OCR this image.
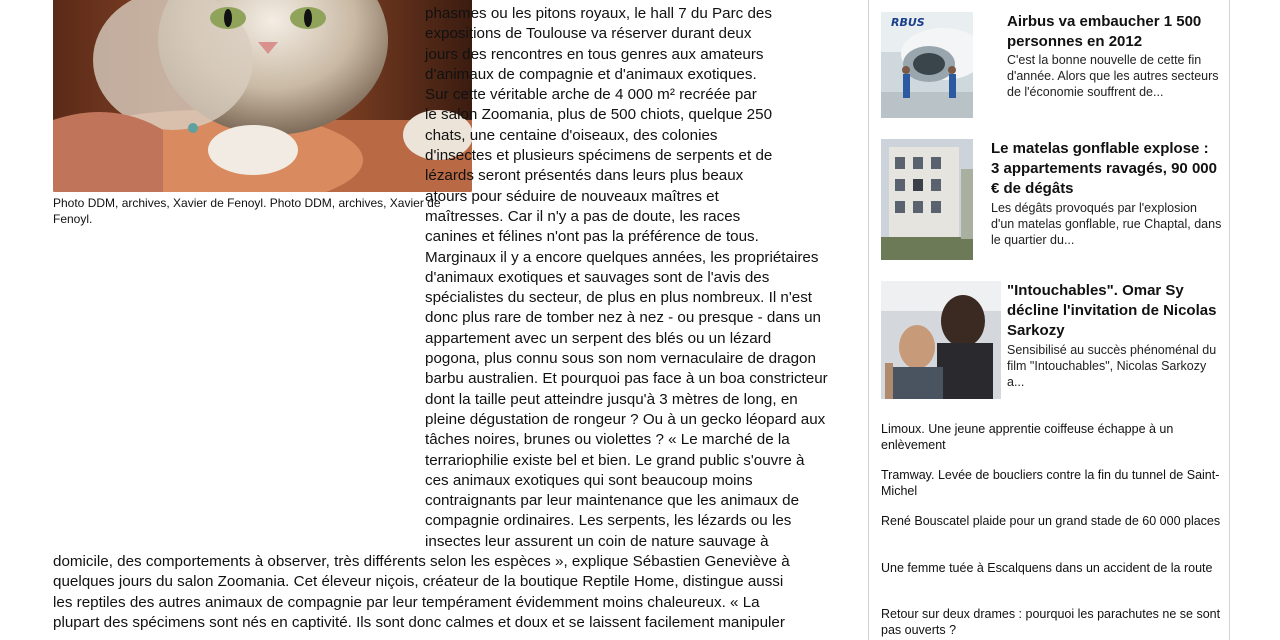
Photo DDM, archives, Xavier de Fenoyl. Photo DDM, archives, Xavier de Fenoyl.
phasmes ou les pitons royaux, le hall 7 du Parc des
expositions de Toulouse va réserver durant deux
jours des rencontres en tous genres aux amateurs
d'animaux de compagnie et d'animaux exotiques.
Sur cette véritable arche de 4 000 m² recréée par
le salon Zoomania, plus de 500 chiots, quelque 250
chats, une centaine d'oiseaux, des colonies
d'insectes et plusieurs spécimens de serpents et de
lézards seront présentés dans leurs plus beaux
atours pour séduire de nouveaux maîtres et
maîtresses. Car il n'y a pas de doute, les races
canines et félines n'ont pas la préférence de tous.
Marginaux il y a encore quelques années, les propriétaires
d'animaux exotiques et sauvages sont de l'avis des
spécialistes du secteur, de plus en plus nombreux. Il n'est
donc plus rare de tomber nez à nez - ou presque - dans un
appartement avec un serpent des blés ou un lézard
pogona, plus connu sous son nom vernaculaire de dragon
barbu australien. Et pourquoi pas face à un boa constricteur
dont la taille peut atteindre jusqu'à 3 mètres de long, en
pleine dégustation de rongeur ? Ou à un gecko léopard aux
tâches noires, brunes ou violettes ? « Le marché de la
terrariophilie existe bel et bien. Le grand public s'ouvre à
ces animaux exotiques qui sont beaucoup moins
contraignants par leur maintenance que les animaux de
compagnie ordinaires. Les serpents, les lézards ou les
insectes leur assurent un coin de nature sauvage à
domicile, des comportements à observer, très différents selon les espèces », explique Sébastien Geneviève à
quelques jours du salon Zoomania. Cet éleveur niçois, créateur de la boutique Reptile Home, distingue aussi
les reptiles des autres animaux de compagnie par leur tempérament évidemment moins chaleureux. « La
plupart des spécimens sont nés en captivité. Ils sont donc calmes et doux et se laissent facilement manipuler
RBUS	Airbus va embaucher 1 500 personnes en 2012
C'est la bonne nouvelle de cette fin d'année. Alors que les autres secteurs de l'économie souffrent de...
Le matelas gonflable explose : 3 appartements ravagés, 90 000 € de dégâts
Les dégâts provoqués par l'explosion d'un matelas gonflable, rue Chaptal, dans le quartier du...
"Intouchables". Omar Sy décline l'invitation de Nicolas Sarkozy
Sensibilisé au succès phénoménal du film "Intouchables", Nicolas Sarkozy a...
Limoux. Une jeune apprentie coiffeuse échappe à un enlèvement
Tramway. Levée de boucliers contre la fin du tunnel de Saint-Michel
René Bouscatel plaide pour un grand stade de 60 000 places
Une femme tuée à Escalquens dans un accident de la route
Retour sur deux drames : pourquoi les parachutes ne se sont pas ouverts ?
